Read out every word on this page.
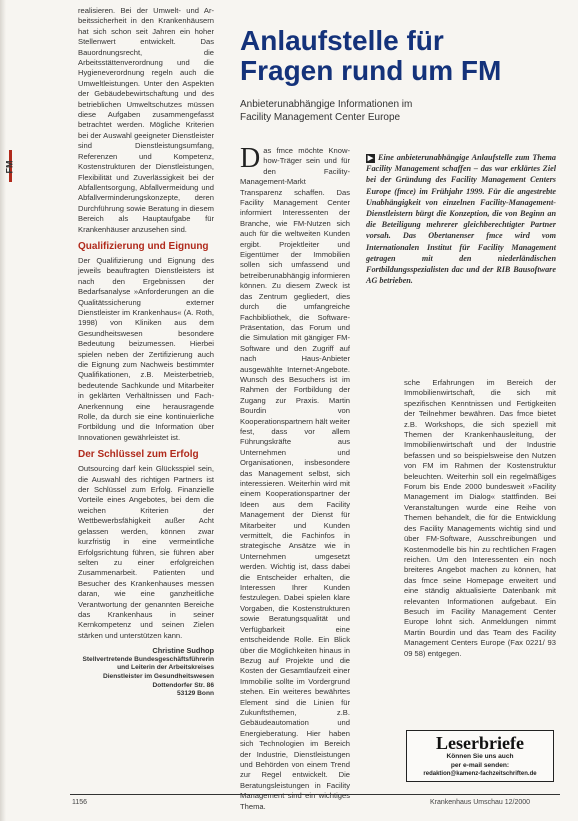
FM

realisieren. Bei der Umwelt- und Ar-beitssicherheit in den Krankenhäusern hat sich schon seit Jahren ein hoher Stellenwert entwickelt. Das Bauordnungsrecht, die Arbeitsstättenverordnung und die Hygieneverordnung regeln auch die Umweltleistungen. Unter den Aspekten der Gebäudebewirtschaftung und des betrieblichen Umweltschutzes müssen diese Aufgaben zusammengefasst betrachtet werden. Mögliche Kriterien bei der Auswahl geeigneter Dienstleister sind Dienstleistungsumfang, Referenzen und Kompetenz, Kostenstrukturen der Dienstleistungen, Flexibilität und Zuverlässigkeit bei der Abfallentsorgung, Abfallvermeidung und Abfallverminderungskonzepte, deren Durchführung sowie Beratung in diesem Bereich als Hauptaufgabe für Krankenhäuser anzusehen sind.

Qualifizierung und Eignung

Der Qualifizierung und Eignung des jeweils beauftragten Dienstleisters ist nach den Ergebnissen der Bedarfsanalyse »Anforderungen an die Qualitätssicherung externer Dienstleister im Krankenhaus« (A. Roth, 1998) von Kliniken aus dem Gesundheitswesen besondere Bedeutung beizumessen. Hierbei spielen neben der Zertifizierung auch die Eignung zum Nachweis bestimmter Qualifikationen, z.B. Meisterbetrieb, bedeutende Sachkunde und Mitarbeiter in geklärten Verhältnissen und Fach-Anerkennung eine herausragende Rolle, da durch sie eine kontinuierliche Fortbildung und die Information über Innovationen gewährleistet ist.

Der Schlüssel zum Erfolg

Outsourcing darf kein Glücksspiel sein, die Auswahl des richtigen Partners ist der Schlüssel zum Erfolg. Finanzielle Vorteile eines Angebotes, bei dem die weichen Kriterien der Wettbewerbsfähigkeit außer Acht gelassen werden, können zwar kurzfristig in eine vermeintliche Erfolgsrichtung führen, sie führen aber selten zu einer erfolgreichen Zusammenarbeit. Patienten und Besucher des Krankenhauses messen daran, wie eine ganzheitliche Verantwortung der genannten Bereiche das Krankenhaus in seiner Kernkompetenz und seinen Zielen stärken und unterstützen kann.

Christine Sudhop
Stellvertretende Bundesgeschäftsführerin
und Leiterin der Arbeitskreises
Dienstleister im Gesundheitswesen
Dottendorfer Str. 86
53129 Bonn
Anlaufstelle für
Fragen rund um FM
Anbieterunabhängige Informationen im
Facility Management Center Europe
▶ Eine anbieterunabhängige Anlaufstelle zum Thema Facility Management schaffen – das war erklärtes Ziel bei der Gründung des Facility Management Centers Europe (fmce) im Frühjahr 1999. Für die angestrebte Unabhängigkeit von einzelnen Facility-Management-Dienstleistern bürgt die Konzeption, die von Beginn an die Beteiligung mehrerer gleichberechtigter Partner vorsah. Das Obertanenser fmce wird vom Internationalen Institut für Facility Management getragen mit den niederländischen Fortbildungsspezialisten dac und der RIB Bausoftware AG betrieben.
Das fmce möchte Know-how-Träger sein und für den Facility-Management-Markt Transparenz schaffen. Das Facility Management Center informiert Interessenten der Branche, wie FM-Nutzen sich auch für die weltweiten Kunden ergibt. Projektleiter und Eigentümer der Immobilien sollen sich umfassend und betreiberunabhängig informieren können. Zu diesem Zweck ist das Zentrum gegliedert, dies durch die umfangreiche Fachbibliothek, die Software-Präsentation, das Forum und die Simulation mit gängiger FM-Software und den Zugriff auf nach Haus-Anbieter ausgewählte Internet-Angebote. Wunsch des Besuchers ist im Rahmen der Fortbildung der Zugang zur Praxis. Martin Bourdin von Kooperationspartnern hält weiter fest, dass vor allem Führungskräfte aus Unternehmen und Organisationen, insbesondere das Management selbst, sich interessieren. Weiterhin wird mit einem Kooperationspartner der Ideen aus dem Facility Management der Dienst für Mitarbeiter und Kunden vermittelt, die Fachinfos in strategische Ansätze wie in Unternehmen umgesetzt werden. Wichtig ist, dass dabei die Entscheider erhalten, die Interessen Ihrer Kunden festzulegen. Dabei spielen klare Vorgaben, die Kostenstrukturen sowie Beratungsqualität und Verfügbarkeit eine entscheidende Rolle. Ein Blick über die Möglichkeiten hinaus in Bezug auf Projekte und die Kosten der Gesamtlaufzeit einer Immobilie sollte im Vordergrund stehen. Ein weiteres bewährtes Element sind die Linien für Zukunftsthemen, z.B. Gebäudeautomation und Energieberatung. Hier haben sich Technologien im Bereich der Industrie, Dienstleistungen und Behörden von einem Trend zur Regel entwickelt. Die Beratungsleistungen in Facility Management sind ein wichtiges Thema.
sche Erfahrungen im Bereich der Immobilienwirtschaft, die sich mit spezifischen Kenntnissen und Fertigkeiten der Teilnehmer bewähren. Das fmce bietet z.B. Workshops, die sich speziell mit Themen der Krankenhausleitung, der Immobilienwirtschaft und der Industrie befassen und so beispielsweise den Nutzen von FM im Rahmen der Kostenstruktur beleuchten. Weiterhin soll ein regelmäßiges Forum bis Ende 2000 bundesweit »Facility Management im Dialog« stattfinden. Bei Veranstaltungen wurde eine Reihe von Themen behandelt, die für die Entwicklung des Facility Managements wichtig sind und über FM-Software, Ausschreibungen und Kostenmodelle bis hin zu rechtlichen Fragen reichen. Um den Interessenten ein noch breiteres Angebot machen zu können, hat das fmce seine Homepage erweitert und eine ständig aktualisierte Datenbank mit relevanten Informationen aufgebaut. Ein Besuch im Facility Management Center Europe lohnt sich. Anmeldungen nimmt Martin Bourdin und das Team des Facility Management Centers Europe (Fax 0221/ 93 09 58) entgegen.
Leserbriefe
Können Sie uns auch
per e-mail senden:
redaktion@kamenz-fachzeitschriften.de
1156	Krankenhaus Umschau 12/2000
